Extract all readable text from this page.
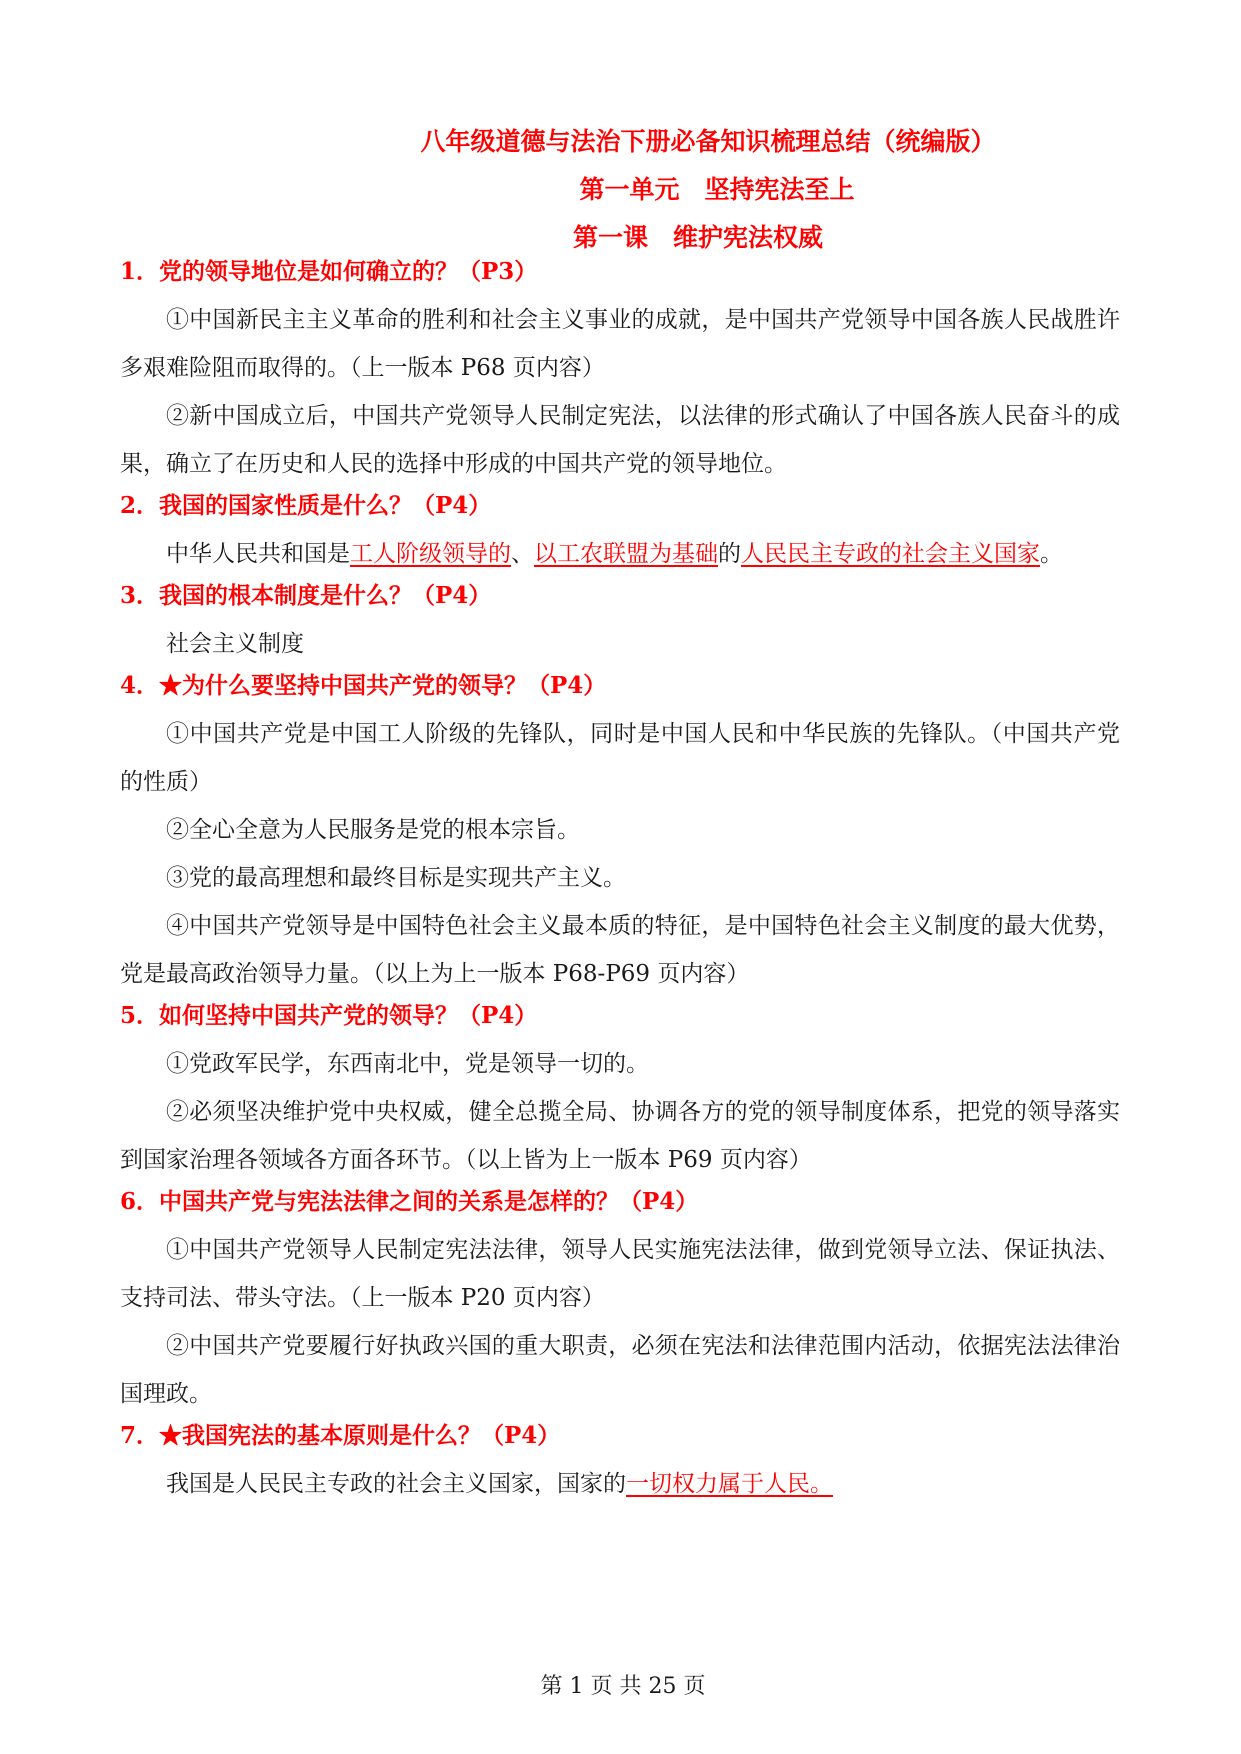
八年级道德与法治下册必备知识梳理总结（统编版）
第一单元　坚持宪法至上
第一课　维护宪法权威
1．党的领导地位是如何确立的？（P3）
①中国新民主主义革命的胜利和社会主义事业的成就，是中国共产党领导中国各族人民战胜许多艰难险阻而取得的。（上一版本 P68 页内容）
②新中国成立后，中国共产党领导人民制定宪法，以法律的形式确认了中国各族人民奋斗的成果，确立了在历史和人民的选择中形成的中国共产党的领导地位。
2．我国的国家性质是什么？（P4）
中华人民共和国是工人阶级领导的、以工农联盟为基础的人民民主专政的社会主义国家。
3．我国的根本制度是什么？（P4）
社会主义制度
4．★为什么要坚持中国共产党的领导？（P4）
①中国共产党是中国工人阶级的先锋队，同时是中国人民和中华民族的先锋队。（中国共产党的性质）
②全心全意为人民服务是党的根本宗旨。
③党的最高理想和最终目标是实现共产主义。
④中国共产党领导是中国特色社会主义最本质的特征，是中国特色社会主义制度的最大优势，党是最高政治领导力量。（以上为上一版本 P68-P69 页内容）
5．如何坚持中国共产党的领导？（P4）
①党政军民学，东西南北中，党是领导一切的。
②必须坚决维护党中央权威，健全总揽全局、协调各方的党的领导制度体系，把党的领导落实到国家治理各领域各方面各环节。（以上皆为上一版本 P69 页内容）
6．中国共产党与宪法法律之间的关系是怎样的？（P4）
①中国共产党领导人民制定宪法法律，领导人民实施宪法法律，做到党领导立法、保证执法、支持司法、带头守法。（上一版本 P20 页内容）
②中国共产党要履行好执政兴国的重大职责，必须在宪法和法律范围内活动，依据宪法法律治国理政。
7．★我国宪法的基本原则是什么？（P4）
我国是人民民主专政的社会主义国家，国家的一切权力属于人民。
第 1 页 共 25 页
